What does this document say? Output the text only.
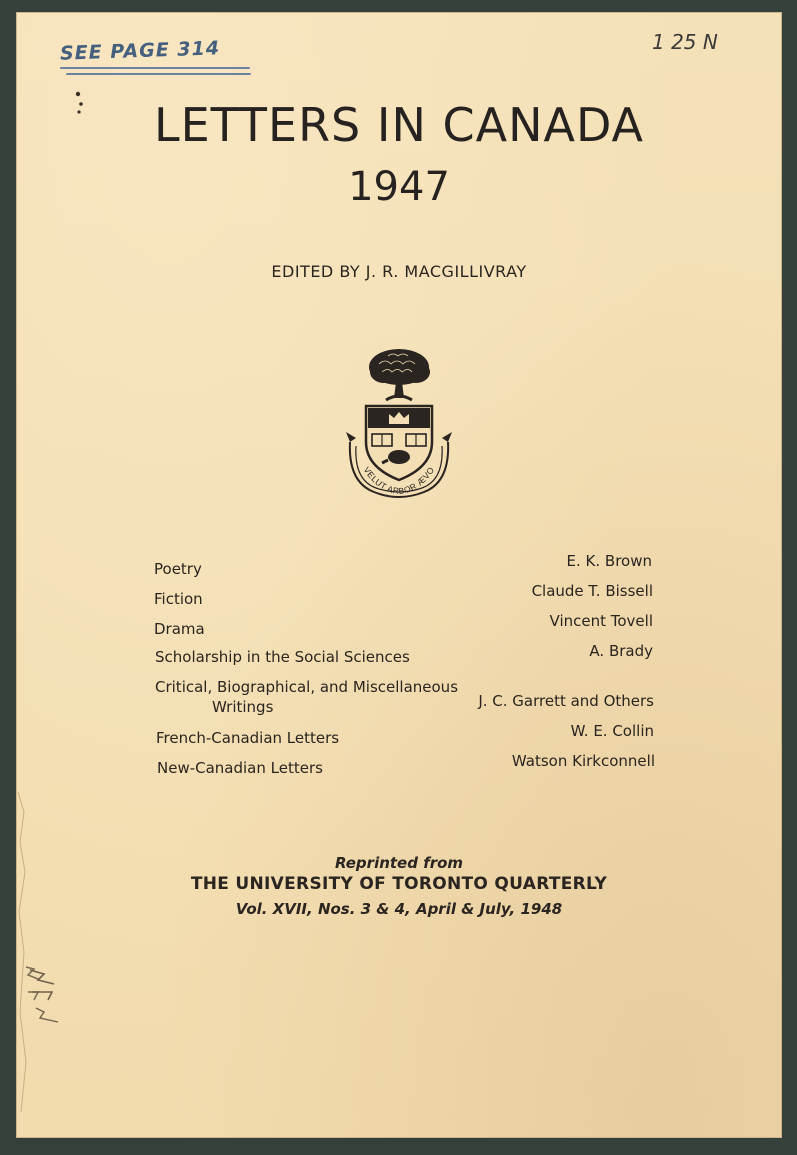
SEE PAGE 314	1 25 N
LETTERS IN CANADA
1947
EDITED BY J. R. MACGILLIVRAY
VELUT ARBOR ÆVO
Poetry
Fiction
Drama
Scholarship in the Social Sciences
Critical, Biographical, and Miscellaneous
Writings
French-Canadian Letters
New-Canadian Letters
E. K. Brown
Claude T. Bissell
Vincent Tovell
A. Brady
J. C. Garrett and Others
W. E. Collin
Watson Kirkconnell
Reprinted from
THE UNIVERSITY OF TORONTO QUARTERLY
Vol. XVII, Nos. 3 & 4, April & July, 1948
